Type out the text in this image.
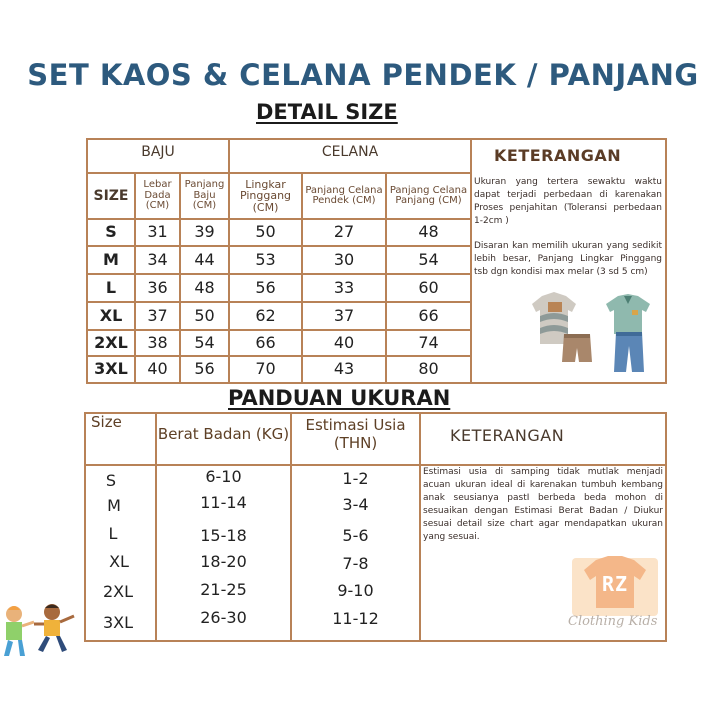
SET KAOS & CELANA PENDEK / PANJANG
DETAIL SIZE
BAJU	CELANA
SIZE
Lebar Dada (CM)
Panjang Baju (CM)
Lingkar Pinggang (CM)
Panjang Celana Pendek (CM)
Panjang Celana Panjang (CM)
S	31	39	50	27	48
M	34	44	53	30	54
L	36	48	56	33	60
XL	37	50	62	37	66
2XL	38	54	66	40	74
3XL	40	56	70	43	80
KETERANGAN
Ukuran yang tertera sewaktu waktu dapat terjadi perbedaan di karenakan Proses penjahitan (Toleransi perbedaan 1-2cm )
Disaran kan memilih ukuran yang sedikit lebih besar, Panjang Lingkar Pinggang tsb dgn kondisi max melar (3 sd 5 cm)
PANDUAN UKURAN
Size
Berat Badan (KG)	Estimasi Usia (THN)	KETERANGAN
S	6-10	1-2
M	11-14	3-4
L	15-18	5-6
XL	18-20	7-8
2XL	21-25	9-10
3XL	26-30	11-12
Estimasi usia di samping tidak mutlak menjadi acuan ukuran ideal di karenakan tumbuh kembang anak seusianya pastI berbeda beda mohon di sesuaikan dengan Estimasi Berat Badan / Diukur sesuai detail size chart agar mendapatkan ukuran yang sesuai.
RZ
Clothing Kids
